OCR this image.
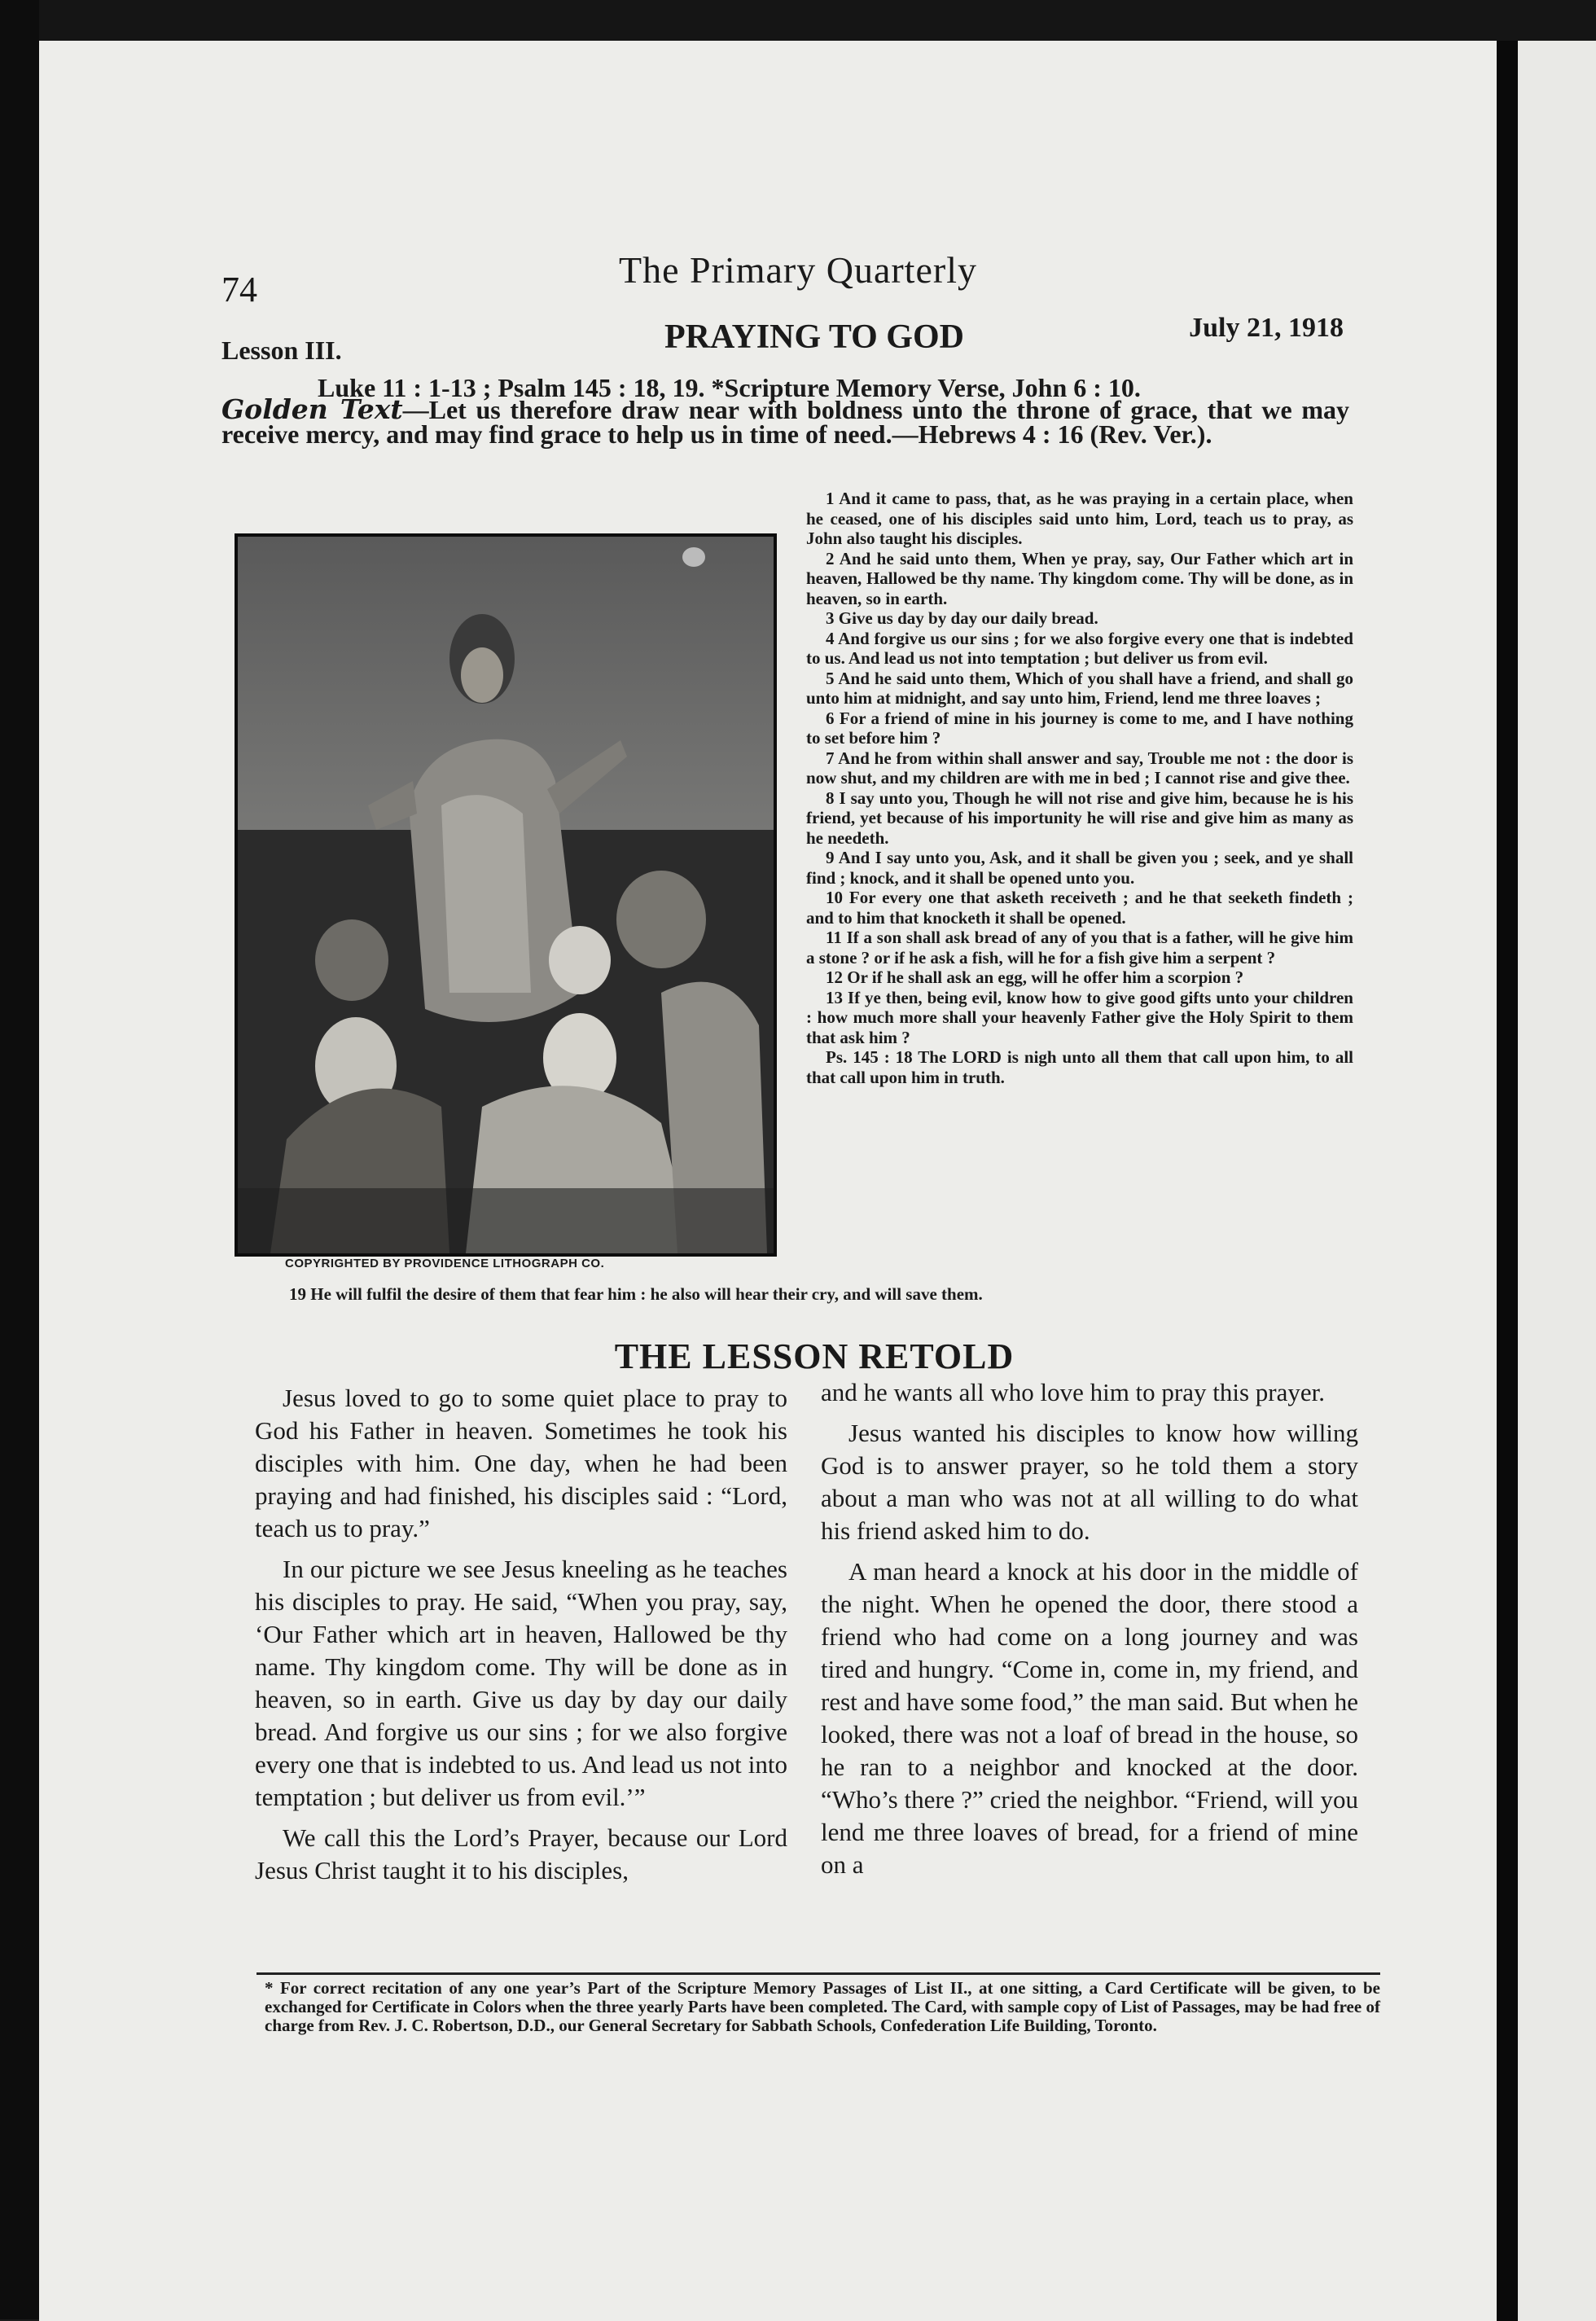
74	The Primary Quarterly
Lesson III.	PRAYING TO GOD	July 21, 1918
Luke 11 : 1-13 ; Psalm 145 : 18, 19. *Scripture Memory Verse, John 6 : 10.
Golden Text—Let us therefore draw near with boldness unto the throne of grace, that we may receive mercy, and may find grace to help us in time of need.—Hebrews 4 : 16 (Rev. Ver.).
COPYRIGHTED BY PROVIDENCE LITHOGRAPH CO.

1 And it came to pass, that, as he was praying in a certain place, when he ceased, one of his disciples said unto him, Lord, teach us to pray, as John also taught his disciples.

2 And he said unto them, When ye pray, say, Our Father which art in heaven, Hallowed be thy name. Thy kingdom come. Thy will be done, as in heaven, so in earth.

3 Give us day by day our daily bread.

4 And forgive us our sins ; for we also forgive every one that is indebted to us. And lead us not into temptation ; but deliver us from evil.

5 And he said unto them, Which of you shall have a friend, and shall go unto him at midnight, and say unto him, Friend, lend me three loaves ;

6 For a friend of mine in his journey is come to me, and I have nothing to set before him ?

7 And he from within shall answer and say, Trouble me not : the door is now shut, and my children are with me in bed ; I cannot rise and give thee.

8 I say unto you, Though he will not rise and give him, because he is his friend, yet because of his importunity he will rise and give him as many as he needeth.

9 And I say unto you, Ask, and it shall be given you ; seek, and ye shall find ; knock, and it shall be opened unto you.

10 For every one that asketh receiveth ; and he that seeketh findeth ; and to him that knocketh it shall be opened.

11 If a son shall ask bread of any of you that is a father, will he give him a stone ? or if he ask a fish, will he for a fish give him a serpent ?

12 Or if he shall ask an egg, will he offer him a scorpion ?

13 If ye then, being evil, know how to give good gifts unto your children : how much more shall your heavenly Father give the Holy Spirit to them that ask him ?

Ps. 145 : 18 The LORD is nigh unto all them that call upon him, to all that call upon him in truth.

19 He will fulfil the desire of them that fear him : he also will hear their cry, and will save them.
THE LESSON RETOLD

Jesus loved to go to some quiet place to pray to God his Father in heaven. Sometimes he took his disciples with him. One day, when he had been praying and had finished, his disciples said : “Lord, teach us to pray.”

In our picture we see Jesus kneeling as he teaches his disciples to pray. He said, “When you pray, say, ‘Our Father which art in heaven, Hallowed be thy name. Thy kingdom come. Thy will be done as in heaven, so in earth. Give us day by day our daily bread. And forgive us our sins ; for we also forgive every one that is indebted to us. And lead us not into temptation ; but deliver us from evil.’”

We call this the Lord’s Prayer, because our Lord Jesus Christ taught it to his disciples,

and he wants all who love him to pray this prayer.

Jesus wanted his disciples to know how willing God is to answer prayer, so he told them a story about a man who was not at all willing to do what his friend asked him to do.

A man heard a knock at his door in the middle of the night. When he opened the door, there stood a friend who had come on a long journey and was tired and hungry. “Come in, come in, my friend, and rest and have some food,” the man said. But when he looked, there was not a loaf of bread in the house, so he ran to a neighbor and knocked at the door. “Who’s there ?” cried the neighbor. “Friend, will you lend me three loaves of bread, for a friend of mine on a

* For correct recitation of any one year’s Part of the Scripture Memory Passages of List II., at one sitting, a Card Certificate will be given, to be exchanged for Certificate in Colors when the three yearly Parts have been completed. The Card, with sample copy of List of Passages, may be had free of charge from Rev. J. C. Robertson, D.D., our General Secretary for Sabbath Schools, Confederation Life Building, Toronto.
